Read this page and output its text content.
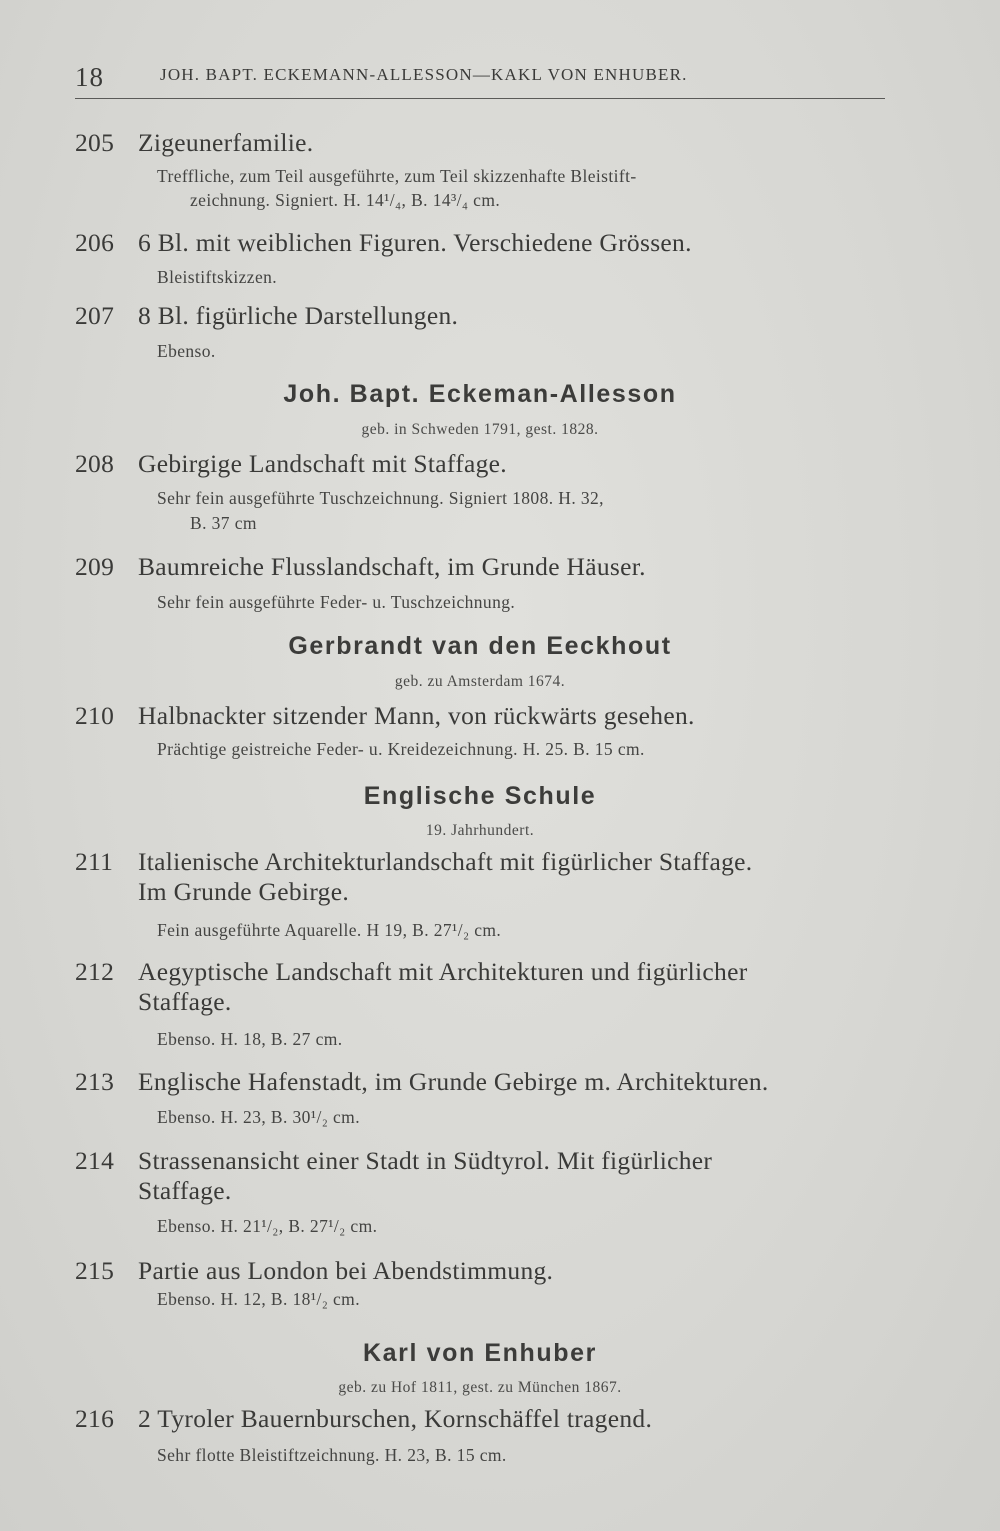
18	JOH. BAPT. ECKEMANN-ALLESSON—KAKL VON ENHUBER.
205 Zigeunerfamilie.
Treffliche, zum Teil ausgeführte, zum Teil skizzenhafte Bleistift-
zeichnung. Signiert. H. 14¹/₄, B. 14³/₄ cm.
206 6 Bl. mit weiblichen Figuren. Verschiedene Grössen.
Bleistiftskizzen.
207 8 Bl. figürliche Darstellungen.
Ebenso.
Joh. Bapt. Eckeman-Allesson
geb. in Schweden 1791, gest. 1828.
208 Gebirgige Landschaft mit Staffage.
Sehr fein ausgeführte Tuschzeichnung. Signiert 1808. H. 32,
B. 37 cm
209 Baumreiche Flusslandschaft, im Grunde Häuser.
Sehr fein ausgeführte Feder- u. Tuschzeichnung.
Gerbrandt van den Eeckhout
geb. zu Amsterdam 1674.
210 Halbnackter sitzender Mann, von rückwärts gesehen.
Prächtige geistreiche Feder- u. Kreidezeichnung. H. 25. B. 15 cm.
Englische Schule
19. Jahrhundert.
211 Italienische Architekturlandschaft mit figürlicher Staffage.
Im Grunde Gebirge.
Fein ausgeführte Aquarelle. H 19, B. 27¹/₂ cm.
212 Aegyptische Landschaft mit Architekturen und figürlicher
Staffage.
Ebenso. H. 18, B. 27 cm.
213 Englische Hafenstadt, im Grunde Gebirge m. Architekturen.
Ebenso. H. 23, B. 30¹/₂ cm.
214 Strassenansicht einer Stadt in Südtyrol. Mit figürlicher
Staffage.
Ebenso. H. 21¹/₂, B. 27¹/₂ cm.
215 Partie aus London bei Abendstimmung.
Ebenso. H. 12, B. 18¹/₂ cm.
Karl von Enhuber
geb. zu Hof 1811, gest. zu München 1867.
216 2 Tyroler Bauernburschen, Kornschäffel tragend.
Sehr flotte Bleistiftzeichnung. H. 23, B. 15 cm.
